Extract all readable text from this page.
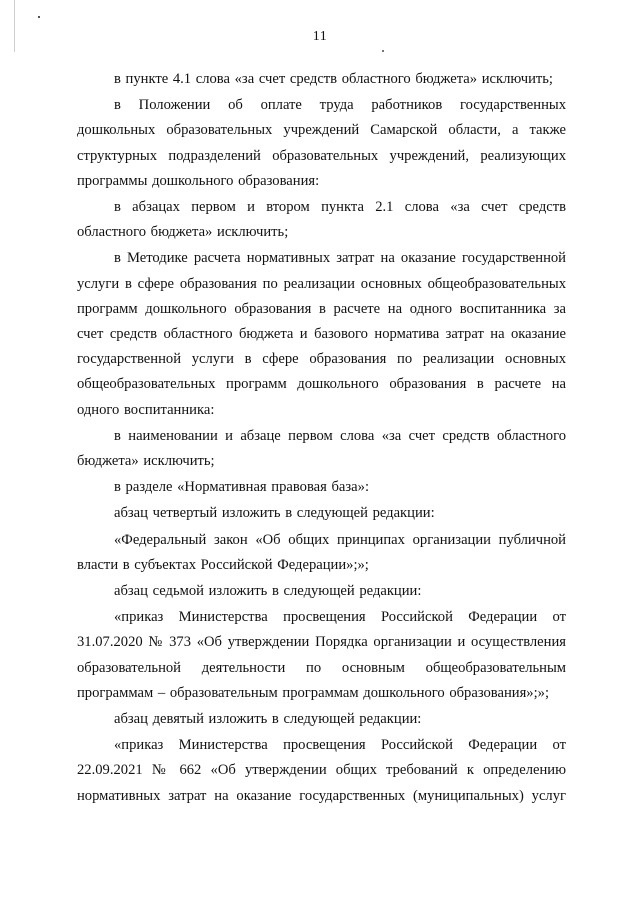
11

в пункте 4.1 слова «за счет средств областного бюджета» исключить;

в Положении об оплате труда работников государственных дошкольных образовательных учреждений Самарской области, а также структурных подразделений образовательных учреждений, реализующих программы дошкольного образования:

в абзацах первом и втором пункта 2.1 слова «за счет средств областного бюджета» исключить;

в Методике расчета нормативных затрат на оказание государственной услуги в сфере образования по реализации основных общеобразовательных программ дошкольного образования в расчете на одного воспитанника за счет средств областного бюджета и базового норматива затрат на оказание государственной услуги в сфере образования по реализации основных общеобразовательных программ дошкольного образования в расчете на одного воспитанника:

в наименовании и абзаце первом слова «за счет средств областного бюджета» исключить;

в разделе «Нормативная правовая база»:

абзац четвертый изложить в следующей редакции:

«Федеральный закон «Об общих принципах организации публичной власти в субъектах Российской Федерации»;»;

абзац седьмой изложить в следующей редакции:

«приказ Министерства просвещения Российской Федерации от 31.07.2020 № 373 «Об утверждении Порядка организации и осуществления образовательной деятельности по основным общеобразовательным программам – образовательным программам дошкольного образования»;»;

абзац девятый изложить в следующей редакции:

«приказ Министерства просвещения Российской Федерации от 22.09.2021 № 662 «Об утверждении общих требований к определению нормативных затрат на оказание государственных (муниципальных) услуг
